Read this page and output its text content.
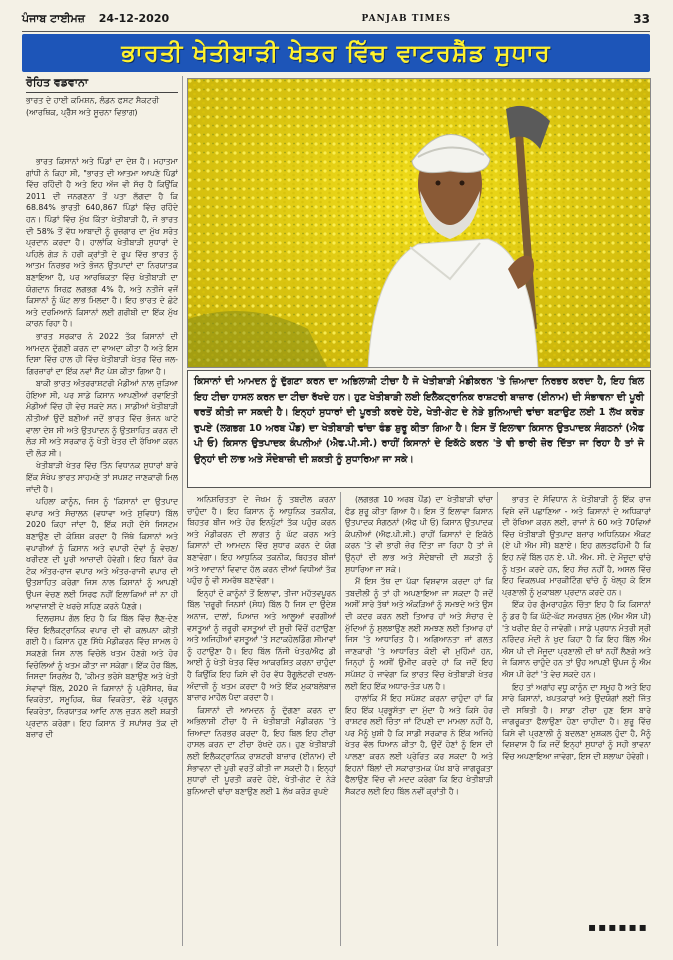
ਪੰਜਾਬ ਟਾਈਮਜ਼ 24-12-2020	PANJAB TIMES	33
ਭਾਰਤੀ ਖੇਤੀਬਾੜੀ ਖੇਤਰ ਵਿੱਚ ਵਾਟਰਸ਼ੈੱਡ ਸੁਧਾਰ
ਰੋਹਿਤ ਵਡਵਾਨਾ
ਭਾਰਤ ਦੇ ਹਾਈ ਕਮਿਸ਼ਨ, ਲੰਡਨ ਫਸਟ ਸੈਕਟਰੀ (ਆਰਥਿਕ, ਪ੍ਰੈੱਸ ਅਤੇ ਸੂਚਨਾ ਵਿਭਾਗ)
ਕਿਸਾਨਾਂ ਦੀ ਆਮਦਨ ਨੂੰ ਦੁੱਗਣਾ ਕਰਨ ਦਾ ਅਭਿਲਾਸ਼ੀ ਟੀਚਾ ਹੈ ਜੋ ਖੇਤੀਬਾੜੀ ਮੰਡੀਕਰਨ 'ਤੇ ਜ਼ਿਆਦਾ ਨਿਰਭਰ ਕਰਦਾ ਹੈ, ਇਹ ਬਿਲ ਇਹ ਟੀਚਾ ਹਾਸਲ ਕਰਨ ਦਾ ਟੀਚਾ ਰੱਖਦੇ ਹਨ। ਹੁਣ ਖੇਤੀਬਾੜੀ ਲਈ ਇਲੈਕਟ੍ਰਾਨਿਕ ਰਾਸ਼ਟਰੀ ਬਾਜ਼ਾਰ (ਈਨਾਮ) ਦੀ ਸੰਭਾਵਨਾ ਦੀ ਪੂਰੀ ਵਰਤੋਂ ਕੀਤੀ ਜਾ ਸਕਦੀ ਹੈ। ਇਨ੍ਹਾਂ ਸੁਧਾਰਾਂ ਦੀ ਪੂਰਤੀ ਕਰਦੇ ਹੋਏ, ਖੇਤੀ-ਗੇਟ ਦੇ ਨੇੜੇ ਬੁਨਿਆਦੀ ਢਾਂਚਾ ਬਣਾਉਣ ਲਈ 1 ਲੱਖ ਕਰੋੜ ਰੁਪਏ (ਲਗਭਗ 10 ਅਰਬ ਪੌਂਡ) ਦਾ ਖੇਤੀਬਾੜੀ ਢਾਂਚਾ ਫੰਡ ਸ਼ੁਰੂ ਕੀਤਾ ਗਿਆ ਹੈ। ਇਸ ਤੋਂ ਇਲਾਵਾ ਕਿਸਾਨ ਉਤਪਾਦਕ ਸੰਗਠਨਾਂ (ਐਫ ਪੀ ਓ) ਕਿਸਾਨ ਉਤਪਾਦਕ ਕੰਪਨੀਆਂ (ਐਫ.ਪੀ.ਸੀ.) ਰਾਹੀਂ ਕਿਸਾਨਾਂ ਦੇ ਇਕੱਠੇ ਕਰਨ 'ਤੇ ਵੀ ਭਾਰੀ ਜ਼ੋਰ ਦਿੱਤਾ ਜਾ ਰਿਹਾ ਹੈ ਤਾਂ ਜੋ ਉਨ੍ਹਾਂ ਦੀ ਲਾਭ ਅਤੇ ਸੌਦੇਬਾਜ਼ੀ ਦੀ ਸ਼ਕਤੀ ਨੂੰ ਸੁਧਾਰਿਆ ਜਾ ਸਕੇ।

ਭਾਰਤ ਕਿਸਾਨਾਂ ਅਤੇ ਪਿੰਡਾਂ ਦਾ ਦੇਸ਼ ਹੈ। ਮਹਾਤਮਾ ਗਾਂਧੀ ਨੇ ਕਿਹਾ ਸੀ, "ਭਾਰਤ ਦੀ ਆਤਮਾ ਆਪਣੇ ਪਿੰਡਾਂ ਵਿੱਚ ਰਹਿੰਦੀ ਹੈ ਅਤੇ ਇਹ ਅੱਜ ਵੀ ਸੱਚ ਹੈ ਕਿਉਂਕਿ 2011 ਦੀ ਜਨਗਣਨਾ ਤੋਂ ਪਤਾ ਲੱਗਦਾ ਹੈ ਕਿ 68.84% ਭਾਰਤੀ 640,867 ਪਿੰਡਾਂ ਵਿੱਚ ਰਹਿੰਦੇ ਹਨ। ਪਿੰਡਾਂ ਵਿੱਚ ਮੁੱਖ ਕਿੱਤਾ ਖੇਤੀਬਾੜੀ ਹੈ, ਜੋ ਭਾਰਤ ਦੀ 58% ਤੋਂ ਵੱਧ ਆਬਾਦੀ ਨੂੰ ਰੁਜ਼ਗਾਰ ਦਾ ਮੁੱਖ ਸਰੋਤ ਪ੍ਰਦਾਨ ਕਰਦਾ ਹੈ। ਹਾਲਾਂਕਿ ਖੇਤੀਬਾੜੀ ਸੁਧਾਰਾਂ ਦੇ ਪਹਿਲੇ ਗੇੜ ਨੇ ਹਰੀ ਕ੍ਰਾਂਤੀ ਦੇ ਰੂਪ ਵਿੱਚ ਭਾਰਤ ਨੂੰ ਆਤਮ ਨਿਰਭਰ ਅਤੇ ਭੋਜਨ ਉਤਪਾਦਾਂ ਦਾ ਨਿਰਯਾਤਕ ਬਣਾਇਆ ਹੈ, ਪਰ ਆਰਥਿਕਤਾ ਵਿੱਚ ਖੇਤੀਬਾੜੀ ਦਾ ਯੋਗਦਾਨ ਸਿਰਫ਼ ਲਗਭਗ 4% ਹੈ, ਅਤੇ ਨਤੀਜੇ ਵਜੋਂ ਕਿਸਾਨਾਂ ਨੂੰ ਘੱਟ ਲਾਭ ਮਿਲਦਾ ਹੈ। ਇਹ ਭਾਰਤ ਦੇ ਛੋਟੇ ਅਤੇ ਦਰਮਿਆਨੇ ਕਿਸਾਨਾਂ ਲਈ ਗਰੀਬੀ ਦਾ ਇੱਕ ਮੁੱਖ ਕਾਰਨ ਰਿਹਾ ਹੈ।

ਭਾਰਤ ਸਰਕਾਰ ਨੇ 2022 ਤੱਕ ਕਿਸਾਨਾਂ ਦੀ ਆਮਦਨ ਦੁੱਗਣੀ ਕਰਨ ਦਾ ਵਾਅਦਾ ਕੀਤਾ ਹੈ ਅਤੇ ਇਸ ਦਿਸ਼ਾ ਵਿੱਚ ਹਾਲ ਹੀ ਵਿੱਚ ਖੇਤੀਬਾੜੀ ਖੇਤਰ ਵਿੱਚ ਜਲ-ਗਿਰਜ਼ਾਰਾਂ ਦਾ ਇੱਕ ਨਵਾਂ ਸੈੱਟ ਪੇਸ਼ ਕੀਤਾ ਗਿਆ ਹੈ।

ਬਾਕੀ ਭਾਰਤ ਅੰਤਰਰਾਸ਼ਟਰੀ ਮੰਡੀਆਂ ਨਾਲ ਜੁੜਿਆ ਹੋਇਆ ਸੀ, ਪਰ ਸਾਡੇ ਕਿਸਾਨ ਆਪਣੀਆਂ ਰਵਾਇਤੀ ਮੰਡੀਆਂ ਵਿੱਚ ਹੀ ਵੇਚ ਸਕਦੇ ਸਨ। ਸਾਡੀਆਂ ਖੇਤੀਬਾੜੀ ਨੀਤੀਆਂ ਉਦੋਂ ਬਣੀਆਂ ਜਦੋਂ ਭਾਰਤ ਵਿੱਚ ਭੋਜਨ ਘਾਟੇ ਵਾਲਾ ਦੇਸ਼ ਸੀ ਅਤੇ ਉਤਪਾਦਨ ਨੂੰ ਉਤਸ਼ਾਹਿਤ ਕਰਨ ਦੀ ਲੋੜ ਸੀ ਅਤੇ ਸਰਕਾਰ ਨੂੰ ਖੇਤੀ ਖੇਤਰ ਦੀ ਰੱਖਿਆ ਕਰਨ ਦੀ ਲੋੜ ਸੀ।

ਖੇਤੀਬਾੜੀ ਖੇਤਰ ਵਿੱਚ ਤਿੰਨ ਵਿਧਾਨਕ ਸੁਧਾਰਾਂ ਬਾਰੇ ਇੱਕ ਸੰਖੇਪ ਭਾਰਤ ਸਾਹਮਣੇ ਤਾਂ ਸਪਸ਼ਟ ਜਾਣਕਾਰੀ ਮਿਲ ਜਾਂਦੀ ਹੈ।

ਪਹਿਲਾ ਕਾਨੂੰਨ, ਜਿਸ ਨੂੰ 'ਕਿਸਾਨਾਂ ਦਾ ਉਤਪਾਦ ਵਪਾਰ ਅਤੇ ਸੰਚਾਲਨ (ਵਧਾਵਾ ਅਤੇ ਸੁਵਿਧਾ) ਬਿੱਲ 2020 ਕਿਹਾ ਜਾਂਦਾ ਹੈ, ਇੱਕ ਸਹੀ ਦੱਸੋ ਸਿਸਟਮ ਬਣਾਉਣ ਦੀ ਕੋਸ਼ਿਸ਼ ਕਰਦਾ ਹੈ ਜਿੱਥੇ ਕਿਸਾਨਾਂ ਅਤੇ ਵਪਾਰੀਆਂ ਨੂੰ ਕਿਸਾਨ ਅਤੇ ਵਪਾਰੀ ਦੋਵਾਂ ਨੂੰ ਵੇਚਣ/ਖਰੀਦਣ ਦੀ ਪੂਰੀ ਆਜ਼ਾਦੀ ਹੋਵੇਗੀ। ਇਹ ਬਿਨਾਂ ਰੋਕ ਟੋਕ ਅੰਤਰ-ਰਾਜ ਵਪਾਰ ਅਤੇ ਅੰਤਰ-ਰਾਜੀ ਵਪਾਰ ਦੀ ਉਤਸ਼ਾਹਿਤ ਕਰੇਗਾ ਜਿਸ ਨਾਲ ਕਿਸਾਨਾਂ ਨੂੰ ਆਪਣੀ ਉਪਜ ਵੇਚਣ ਲਈ ਸਿਰਫ ਨਹੀਂ ਇਲਾਕਿਆਂ ਜਾਂ ਨਾ ਹੀ ਆਵਾਜਾਈ ਦੇ ਖਰਚੇ ਸਹਿਣ ਕਰਨੇ ਪੈਣਗੇ।

ਦਿਲਚਸਪ ਗੱਲ ਇਹ ਹੈ ਕਿ ਬਿੱਲ ਵਿੱਚ ਲੈਣ-ਦੇਣ ਵਿੱਚ ਇਲੈਕਟ੍ਰਾਨਿਕ ਵਪਾਰ ਦੀ ਵੀ ਕਲਪਨਾ ਕੀਤੀ ਗਈ ਹੈ। ਕਿਸਾਨ ਹੁਣ ਸਿੱਧੇ ਮੰਡੀਕਰਨ ਵਿੱਚ ਸ਼ਾਮਲ ਹੋ ਸਕਣਗੇ ਜਿਸ ਨਾਲ ਵਿਚੋਲੇ ਖਤਮ ਹੋਣਗੇ ਅਤੇ ਹੋਰ ਵਿਚੋਲਿਆਂ ਨੂੰ ਖਤਮ ਕੀਤਾ ਜਾ ਸਕੇਗਾ। ਇੱਕ ਹੋਰ ਬਿੱਲ, ਜਿਸਦਾ ਸਿਰਲੇਖ ਹੈ, 'ਕੀਮਤ ਭਰੋਸੇ ਬਣਾਉਣ ਅਤੇ ਖੇਤੀ ਸੇਵਾਵਾਂ ਬਿੱਲ, 2020 ਜੋ ਕਿਸਾਨਾਂ ਨੂੰ ਪ੍ਰੋਸੈਸਰ, ਥੋਕ ਵਿਕਰੇਤਾ, ਸਮੂਹਿਕ, ਥੋਕ ਵਿਕਰੇਤਾ, ਵੱਡੇ ਪ੍ਰਚੂਨ ਵਿਕਰੇਤਾ, ਨਿਰਯਾਤਕ ਆਦਿ ਨਾਲ ਜੁੜਨ ਲਈ ਸ਼ਕਤੀ ਪ੍ਰਦਾਨ ਕਰੇਗਾ। ਇਹ ਕਿਸਾਨ ਤੋਂ ਸਪਾਂਸਰ ਤੱਕ ਦੀ ਬਜ਼ਾਰ ਦੀ

ਅਨਿਸ਼ਚਿਤਤਾ ਦੇ ਜੋਖਮ ਨੂੰ ਤਬਦੀਲ ਕਰਨਾ ਚਾਹੁੰਦਾ ਹੈ। ਇਹ ਕਿਸਾਨ ਨੂੰ ਆਧੁਨਿਕ ਤਕਨੀਕ, ਬਿਹਤਰ ਬੀਜ ਅਤੇ ਹੋਰ ਇਨਪੁੱਟਾਂ ਤੱਕ ਪਹੁੰਚ ਕਰਨ ਅਤੇ ਮੰਡੀਕਰਨ ਦੀ ਲਾਗਤ ਨੂੰ ਘੱਟ ਕਰਨ ਅਤੇ ਕਿਸਾਨਾਂ ਦੀ ਆਮਦਨ ਵਿੱਚ ਸੁਧਾਰ ਕਰਨ ਦੇ ਯੋਗ ਬਣਾਵੇਗਾ। ਇਹ ਆਧੁਨਿਕ ਤਕਨੀਕ, ਬਿਹਤਰ ਬੀਜਾਂ ਅਤੇ ਆਦਾਨਾਂ ਵਿਵਾਦ ਹੱਲ ਕਰਨ ਦੀਆਂ ਵਿਧੀਆਂ ਤੱਕ ਪਹੁੰਚ ਨੂੰ ਵੀ ਸਮਰੱਥ ਬਣਾਵੇਗਾ।

ਇਨ੍ਹਾਂ ਦੋ ਕਾਨੂੰਨਾਂ ਤੋਂ ਇਲਾਵਾ, ਤੀਜਾ ਮਹੱਤਵਪੂਰਨ ਬਿੱਲ 'ਜ਼ਰੂਰੀ ਜਿਨਸਾਂ (ਸੋਧ) ਬਿੱਲ ਹੈ ਜਿਸ ਦਾ ਉਦੇਸ਼ ਅਨਾਜ, ਦਾਲਾਂ, ਪਿਆਜ਼ ਅਤੇ ਆਲੂਆਂ ਵਰਗੀਆਂ ਵਸਤੂਆਂ ਨੂੰ ਜ਼ਰੂਰੀ ਵਸਤੂਆਂ ਦੀ ਸੂਚੀ ਵਿੱਚੋਂ ਹਟਾਉਣਾ ਅਤੇ ਅਜਿਹੀਆਂ ਵਸਤੂਆਂ 'ਤੇ ਸਟਾਕਹੋਲਡਿੰਗ ਸੀਮਾਵਾਂ ਨੂੰ ਹਟਾਉਣਾ ਹੈ। ਇਹ ਬਿੱਲ ਨਿੱਜੀ ਖੇਤਰ/ਐਫ ਡੀ ਆਈ ਨੂੰ ਖੇਤੀ ਖੇਤਰ ਵਿੱਚ ਆਕਰਸ਼ਿਤ ਕਰਨਾ ਚਾਹੁੰਦਾ ਹੈ ਕਿਉਂਕਿ ਇਹ ਕਿਸੇ ਵੀ ਹੋਰ ਵੱਧ ਰੈਗੂਲੇਟਰੀ ਦਖਲ-ਅੰਦਾਜ਼ੀ ਨੂੰ ਖਤਮ ਕਰਦਾ ਹੈ ਅਤੇ ਇੱਕ ਮੁਕਾਬਲੇਬਾਜ਼ ਬਾਜ਼ਾਰ ਮਾਹੌਲ ਪੈਦਾ ਕਰਦਾ ਹੈ।

ਕਿਸਾਨਾਂ ਦੀ ਆਮਦਨ ਨੂੰ ਦੁੱਗਣਾ ਕਰਨ ਦਾ ਅਭਿਲਾਸ਼ੀ ਟੀਚਾ ਹੈ ਜੋ ਖੇਤੀਬਾੜੀ ਮੰਡੀਕਰਨ 'ਤੇ ਜ਼ਿਆਦਾ ਨਿਰਭਰ ਕਰਦਾ ਹੈ, ਇਹ ਬਿਲ ਇਹ ਟੀਚਾ ਹਾਸਲ ਕਰਨ ਦਾ ਟੀਚਾ ਰੱਖਦੇ ਹਨ। ਹੁਣ ਖੇਤੀਬਾੜੀ ਲਈ ਇਲੈਕਟ੍ਰਾਨਿਕ ਰਾਸ਼ਟਰੀ ਬਾਜ਼ਾਰ (ਈਨਾਮ) ਦੀ ਸੰਭਾਵਨਾ ਦੀ ਪੂਰੀ ਵਰਤੋਂ ਕੀਤੀ ਜਾ ਸਕਦੀ ਹੈ। ਇਨ੍ਹਾਂ ਸੁਧਾਰਾਂ ਦੀ ਪੂਰਤੀ ਕਰਦੇ ਹੋਏ, ਖੇਤੀ-ਗੇਟ ਦੇ ਨੇੜੇ ਬੁਨਿਆਦੀ ਢਾਂਚਾ ਬਣਾਉਣ ਲਈ 1 ਲੱਖ ਕਰੋੜ ਰੁਪਏ

(ਲਗਭਗ 10 ਅਰਬ ਪੌਂਡ) ਦਾ ਖੇਤੀਬਾੜੀ ਢਾਂਚਾ ਫੰਡ ਸ਼ੁਰੂ ਕੀਤਾ ਗਿਆ ਹੈ। ਇਸ ਤੋਂ ਇਲਾਵਾ ਕਿਸਾਨ ਉਤਪਾਦਕ ਸੰਗਠਨਾਂ (ਐਫ ਪੀ ਓ) ਕਿਸਾਨ ਉਤਪਾਦਕ ਕੰਪਨੀਆਂ (ਐਫ.ਪੀ.ਸੀ.) ਰਾਹੀਂ ਕਿਸਾਨਾਂ ਦੇ ਇਕੱਠੇ ਕਰਨ 'ਤੇ ਵੀ ਭਾਰੀ ਜ਼ੋਰ ਦਿੱਤਾ ਜਾ ਰਿਹਾ ਹੈ ਤਾਂ ਜੋ ਉਨ੍ਹਾਂ ਦੀ ਲਾਭ ਅਤੇ ਸੌਦੇਬਾਜ਼ੀ ਦੀ ਸ਼ਕਤੀ ਨੂੰ ਸੁਧਾਰਿਆ ਜਾ ਸਕੇ।

ਮੈਂ ਇਸ ਤੱਥ ਦਾ ਪੱਕਾ ਵਿਸ਼ਵਾਸ ਕਰਦਾ ਹਾਂ ਕਿ ਤਬਦੀਲੀ ਨੂੰ ਤਾਂ ਹੀ ਅਪਣਾਇਆ ਜਾ ਸਕਦਾ ਹੈ ਜਦੋਂ ਅਸੀਂ ਸਾਰੇ ਤੱਥਾਂ ਅਤੇ ਅੰਕੜਿਆਂ ਨੂੰ ਸਮਝਦੇ ਅਤੇ ਉਸ ਦੀ ਕਦਰ ਕਰਨ ਲਈ ਤਿਆਰ ਹਾਂ ਅਤੇ ਸੰਚਾਰ ਦੇ ਮੁੱਦਿਆਂ ਨੂੰ ਸੁਲਝਾਉਣ ਲਈ ਸਮਝਣ ਲਈ ਤਿਆਰ ਹਾਂ ਜਿਸ 'ਤੇ ਆਧਾਰਿਤ ਹੈ। ਅਗਿਆਨਤਾ ਜਾਂ ਗਲਤ ਜਾਣਕਾਰੀ 'ਤੇ ਆਧਾਰਿਤ ਕੋਈ ਵੀ ਮੁਹਿੰਮਾਂ ਹਨ, ਜਿਨ੍ਹਾਂ ਨੂੰ ਅਸੀਂ ਉਮੀਦ ਕਰਦੇ ਹਾਂ ਕਿ ਜਦੋਂ ਇਹ ਸਪੱਸ਼ਟ ਹੋ ਜਾਵੇਗਾ ਕਿ ਭਾਰਤ ਵਿੱਚ ਖੇਤੀਬਾੜੀ ਖੇਤਰ ਲਈ ਇਹ ਇੱਕ ਅਧਾਰ-ਤੋੜ ਪਲ ਹੈ।

ਹਾਲਾਂਕਿ ਮੈਂ ਇਹ ਸਪੱਸ਼ਟ ਕਰਨਾ ਚਾਹੁੰਦਾ ਹਾਂ ਕਿ ਇਹ ਇੱਕ ਪ੍ਰਭੂਸੱਤਾ ਦਾ ਮੁੱਦਾ ਹੈ ਅਤੇ ਕਿਸੇ ਹੋਰ ਰਾਸ਼ਟਰ ਲਈ ਚਿੰਤਾ ਜਾਂ ਟਿੱਪਣੀ ਦਾ ਮਾਮਲਾ ਨਹੀਂ ਹੈ, ਪਰ ਮੈਨੂੰ ਖੁਸ਼ੀ ਹੈ ਕਿ ਸਾਡੀ ਸਰਕਾਰ ਨੇ ਇੱਕ ਅਜਿਹੇ ਖੇਤਰ ਵੱਲ ਧਿਆਨ ਕੀਤਾ ਹੈ, ਉਦੋਂ ਹੋਣਾਂ ਨੂੰ ਇਸ ਦੀ ਪਾਲਣਾ ਕਰਨ ਲਈ ਪ੍ਰੇਰਿਤ ਕਰ ਸਕਦਾ ਹੈ ਅਤੇ ਇਹਨਾਂ ਬਿੱਲਾਂ ਦੀ ਸਕਾਰਾਤਮਕ ਪੱਖ ਬਾਰੇ ਜਾਗਰੂਕਤਾ ਫੈਲਾਉਣ ਵਿੱਚ ਵੀ ਮਦਦ ਕਰੇਗਾ ਕਿ ਇਹ ਖੇਤੀਬਾੜੀ ਸੈਕਟਰ ਲਈ ਇਹ ਬਿੱਲ ਨਵੀਂ ਕ੍ਰਾਂਤੀ ਹੈ।

ਭਾਰਤ ਦੇ ਸੰਵਿਧਾਨ ਨੇ ਖੇਤੀਬਾੜੀ ਨੂੰ ਇੱਕ ਰਾਜ ਵਿਸ਼ੇ ਵਜੋਂ ਪਛਾਣਿਆ - ਅਤੇ ਕਿਸਾਨਾਂ ਦੇ ਅਧਿਕਾਰਾਂ ਦੀ ਰੱਖਿਆ ਕਰਨ ਲਈ, ਰਾਜਾਂ ਨੇ 60 ਅਤੇ 70ਵਿਆਂ ਵਿੱਚ ਖੇਤੀਬਾੜੀ ਉਤਪਾਦ ਬਜ਼ਾਰ ਅਧਿਨਿਯਮ ਐਕਟ (ਏ ਪੀ ਐਮ ਸੀ) ਬਣਾਏ। ਇਹ ਗਲਤਫਹਿਮੀ ਹੈ ਕਿ ਇਹ ਨਵੇਂ ਬਿੱਲ ਹਨ ਏ. ਪੀ. ਐਮ. ਸੀ. ਦੇ ਮੌਜੂਦਾ ਢਾਂਚੇ ਨੂੰ ਖ਼ਤਮ ਕਰਦੇ ਹਨ, ਇਹ ਸੱਚ ਨਹੀਂ ਹੈ, ਅਸਲ ਵਿੱਚ ਇਹ ਵਿਕਲਪਕ ਮਾਰਕੀਟਿੰਗ ਢਾਂਚੇ ਨੂੰ ਖੋਲ੍ਹ ਕੇ ਇਸ ਪ੍ਰਣਾਲੀ ਨੂੰ ਮੁਕਾਬਲਾ ਪ੍ਰਦਾਨ ਕਰਦੇ ਹਨ।

ਇੱਕ ਹੋਰ ਗੁੰਮਰਾਹਕੁੰਨ ਚਿੰਤਾ ਇਹ ਹੈ ਕਿ ਕਿਸਾਨਾਂ ਨੂੰ ਡਰ ਹੈ ਕਿ ਘੱਟੋ-ਘੱਟ ਸਮਰਥਨ ਮੁੱਲ (ਐਮ ਐਸ ਪੀ) 'ਤੇ ਖਰੀਦ ਬੰਦ ਹੋ ਜਾਵੇਗੀ। ਸਾਡੇ ਪ੍ਰਧਾਨ ਮੰਤਰੀ ਸ੍ਰੀ ਨਰਿੰਦਰ ਮੋਦੀ ਨੇ ਖੁਦ ਕਿਹਾ ਹੈ ਕਿ ਇਹ ਬਿੱਲ ਐਮ ਐਸ ਪੀ ਦੀ ਮੌਜੂਦਾ ਪ੍ਰਣਾਲੀ ਦੀ ਥਾਂ ਨਹੀਂ ਲੈਣਗੇ ਅਤੇ ਜੇ ਕਿਸਾਨ ਚਾਹੁੰਦੇ ਹਨ ਤਾਂ ਉਹ ਆਪਣੀ ਉਪਜ ਨੂੰ ਐਮ ਐਸ ਪੀ ਰੇਟਾਂ 'ਤੇ ਵੇਚ ਸਕਦੇ ਹਨ।

ਇਹ ਤਾਂ ਅਗਾਂਹ ਵਧੂ ਕਾਨੂੰਨ ਦਾ ਸਮੂਹ ਹੈ ਅਤੇ ਇਹ ਸਾਰੇ ਕਿਸਾਨਾਂ, ਖਪਤਕਾਰਾਂ ਅਤੇ ਉਦਯੋਗਾਂ ਲਈ ਜਿੱਤ ਦੀ ਸਥਿਤੀ ਹੈ। ਸਾਡਾ ਟੀਚਾ ਹੁਣ ਇਸ ਬਾਰੇ ਜਾਗਰੂਕਤਾ ਫੈਲਾਉਣਾ ਹੋਣਾ ਚਾਹੀਦਾ ਹੈ। ਸ਼ੁਰੂ ਵਿੱਚ ਕਿਸੇ ਵੀ ਪ੍ਰਣਾਲੀ ਨੂੰ ਬਦਲਣਾ ਮੁਸ਼ਕਲ ਹੁੰਦਾ ਹੈ, ਮੈਨੂੰ ਵਿਸ਼ਵਾਸ ਹੈ ਕਿ ਜਦੋਂ ਇਨ੍ਹਾਂ ਸੁਧਾਰਾਂ ਨੂੰ ਸਹੀ ਭਾਵਨਾ ਵਿੱਚ ਅਪਣਾਇਆ ਜਾਵੇਗਾ, ਇਸ ਦੀ ਸ਼ਲਾਘਾ ਹੋਵੇਗੀ।

▪▪▪▪▪▪
